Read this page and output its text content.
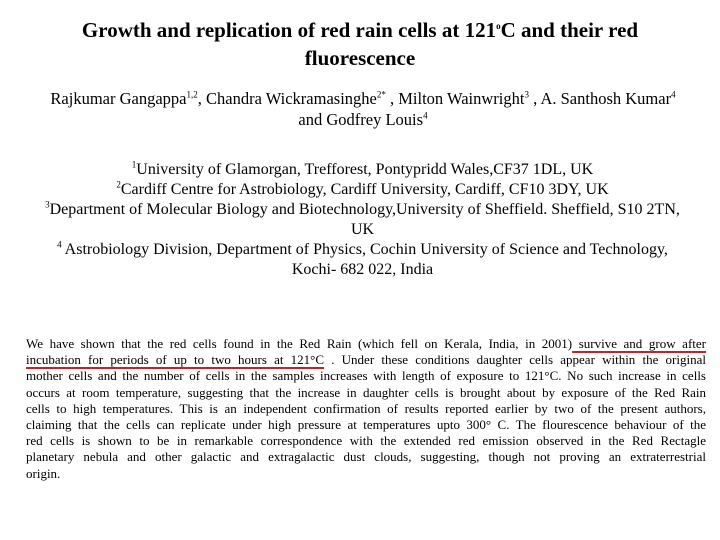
Growth and replication of red rain cells at 121$^o$C and their red
fluorescence
Rajkumar Gangappa$^{1,2}$, Chandra Wickramasinghe$^{2*}$ , Milton Wainwright$^3$ , A. Santhosh Kumar$^4$
and Godfrey Louis$^4$
$^1$University of Glamorgan, Trefforest, Pontypridd Wales,CF37 1DL, UK
$^2$Cardiff Centre for Astrobiology, Cardiff University, Cardiff, CF10 3DY, UK
$^3$Department of Molecular Biology and Biotechnology,University of Sheffield. Sheffield, S10 2TN,
UK
$^4$ Astrobiology Division, Department of Physics, Cochin University of Science and Technology,
Kochi- 682 022, India
We have shown that the red cells found in the Red Rain (which fell on Kerala, India, in 2001) survive and grow after
incubation for periods of up to two hours at 121°C . Under these conditions daughter cells appear within the original
mother cells and the number of cells in the samples increases with length of exposure to 121°C. No such increase in cells
occurs at room temperature, suggesting that the increase in daughter cells is brought about by exposure of the Red Rain
cells to high temperatures. This is an independent confirmation of results reported earlier by two of the present authors,
claiming that the cells can replicate under high pressure at temperatures upto 300° C. The flourescence behaviour of the
red cells is shown to be in remarkable correspondence with the extended red emission observed in the Red Rectagle
planetary nebula and other galactic and extragalactic dust clouds, suggesting, though not proving an extraterrestrial
origin.
